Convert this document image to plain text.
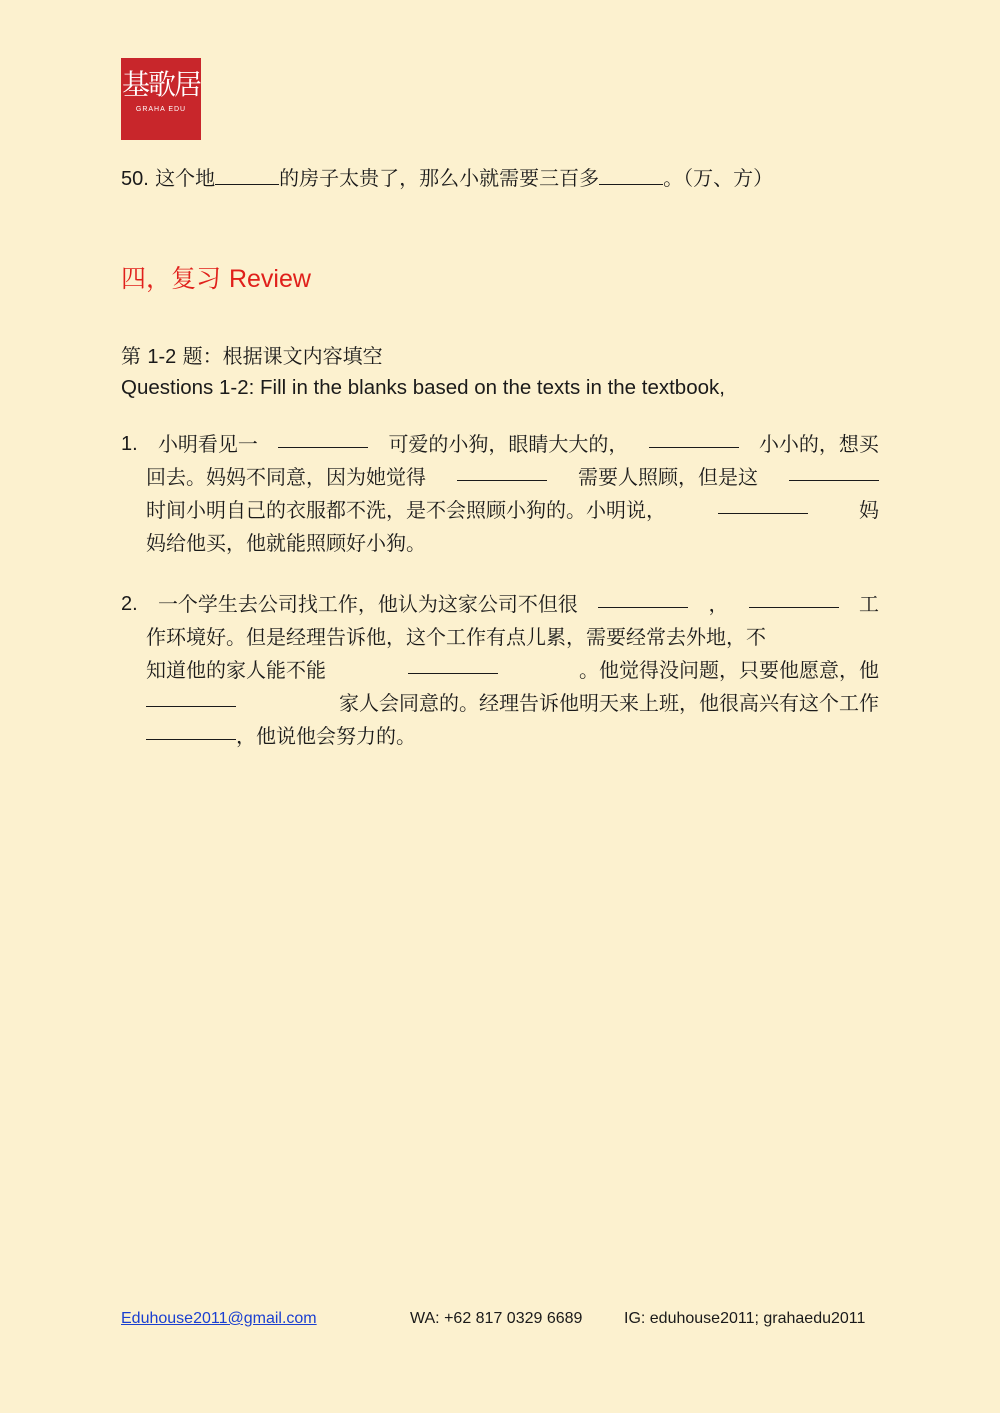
基歌居
GRAHA EDU
50. 这个地	的房子太贵了，那么小就需要三百多	。（万、方）
四，复习 Review
第 1-2 题：根据课文内容填空
Questions 1-2: Fill in the blanks based on the texts in the textbook,
1. 小明看见一	可爱的小狗，眼睛大大的，	小小的，想买
回去。妈妈不同意，因为她觉得	需要人照顾，但是这
时间小明自己的衣服都不洗，是不会照顾小狗的。小明说，	妈
妈给他买，他就能照顾好小狗。
2. 一个学生去公司找工作，他认为这家公司不但很	，	工
作环境好。但是经理告诉他，这个工作有点儿累，需要经常去外地，不
知道他的家人能不能	。他觉得没问题，只要他愿意，他
家人会同意的。经理告诉他明天来上班，他很高兴有这个工作
，他说他会努力的。
Eduhouse2011@gmail.com	WA: +62 817 0329 6689	IG: eduhouse2011; grahaedu2011
